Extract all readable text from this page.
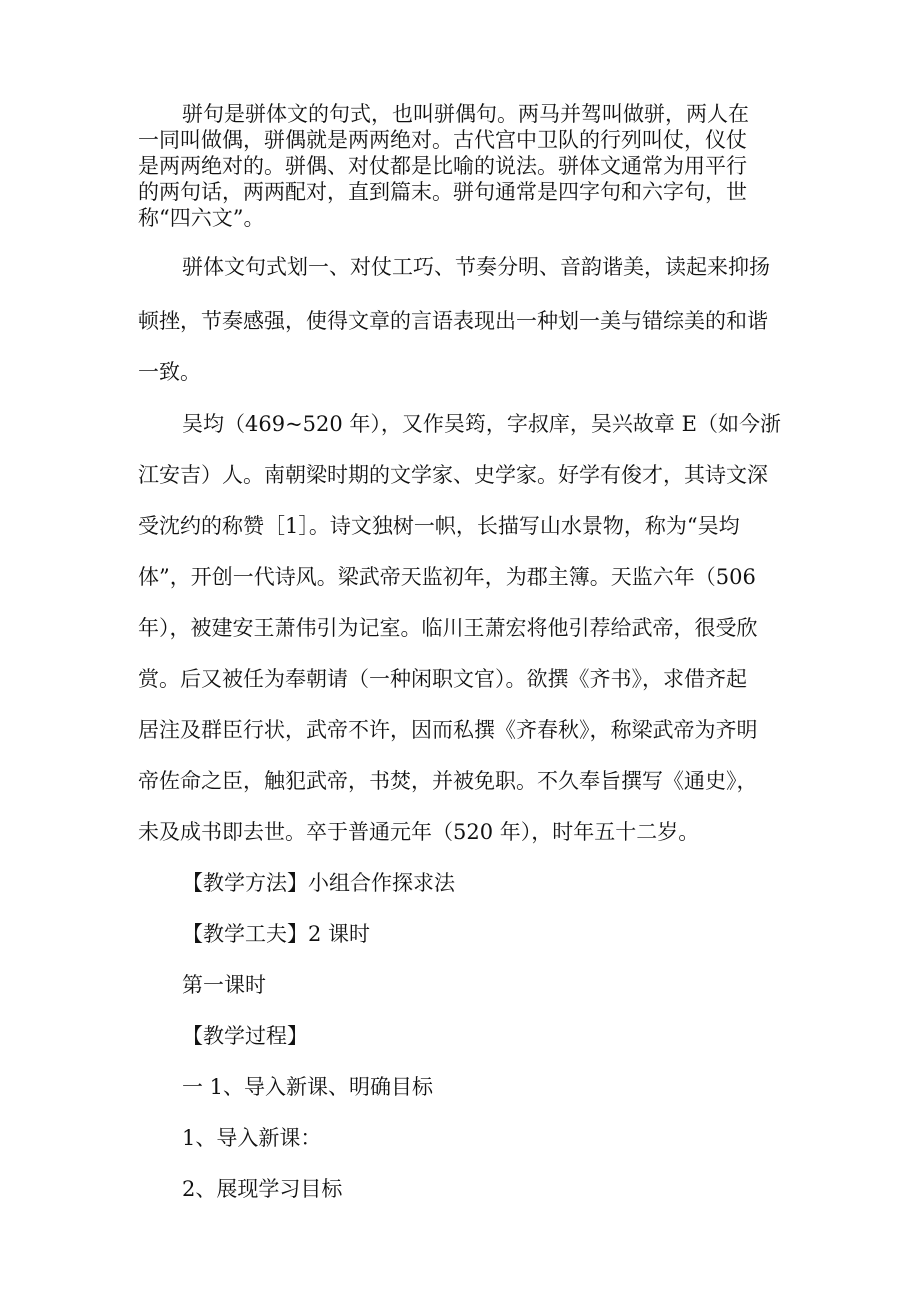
骈句是骈体文的句式，也叫骈偶句。两马并驾叫做骈，两人在
一同叫做偶，骈偶就是两两绝对。古代宫中卫队的行列叫仗，仪仗
是两两绝对的。骈偶、对仗都是比喻的说法。骈体文通常为用平行
的两句话，两两配对，直到篇末。骈句通常是四字句和六字句，世
称“四六文”。
骈体文句式划一、对仗工巧、节奏分明、音韵谐美，读起来抑扬
顿挫，节奏感强，使得文章的言语表现出一种划一美与错综美的和谐
一致。
吴均（469~520 年），又作吴筠，字叔庠，吴兴故章 E（如今浙
江安吉）人。南朝梁时期的文学家、史学家。好学有俊才，其诗文深
受沈约的称赞［1］。诗文独树一帜，长描写山水景物，称为“吴均
体”，开创一代诗风。梁武帝天监初年，为郡主簿。天监六年（506
年），被建安王萧伟引为记室。临川王萧宏将他引荐给武帝，很受欣
赏。后又被任为奉朝请（一种闲职文官）。欲撰《齐书》，求借齐起
居注及群臣行状，武帝不许，因而私撰《齐春秋》，称梁武帝为齐明
帝佐命之臣，触犯武帝，书焚，并被免职。不久奉旨撰写《通史》，
未及成书即去世。卒于普通元年（520 年），时年五十二岁。
【教学方法】小组合作探求法
【教学工夫】2 课时
第一课时
【教学过程】
一 1、导入新课、明确目标
1、导入新课：
2、展现学习目标
